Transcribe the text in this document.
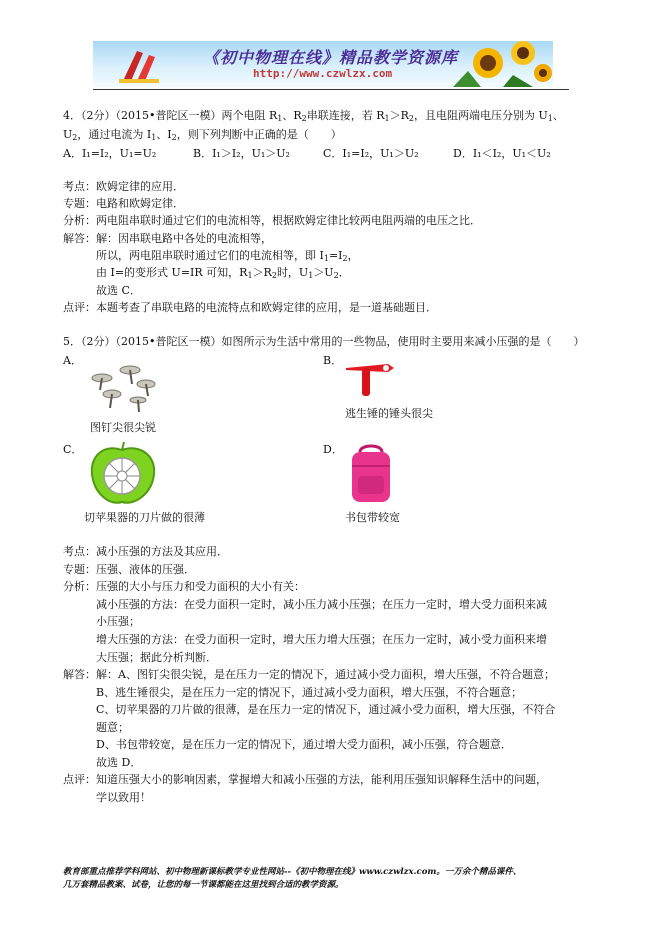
《初中物理在线》精品教学资源库
http://www.czwlzx.com
4．（2分）（2015•普陀区一模）两个电阻 $R_1$、$R_2$串联连接，若 $R_1>R_2$，且电阻两端电压分别为 $U_1$、
$U_2$，通过电流为 $I_1$、$I_2$，则下列判断中正确的是（　　）
A．I₁=I₂，U₁=U₂	B．I₁＞I₂，U₁＞U₂	C．I₁=I₂，U₁＞U₂	D．I₁＜I₂，U₁＜U₂
考点： 欧姆定律的应用．
专题： 电路和欧姆定律．
分析： 两电阻串联时通过它们的电流相等，根据欧姆定律比较两电阻两端的电压之比．
解答： 解：因串联电路中各处的电流相等，
所以，两电阻串联时通过它们的电流相等，即 $I_1=I_2$，
由 I=的变形式 U=IR 可知，$R_1>R_2$时，$U_1>U_2$．
故选 C．
点评： 本题考查了串联电路的电流特点和欧姆定律的应用，是一道基础题目．
5．（2分）（2015•普陀区一模）如图所示为生活中常用的一些物品，使用时主要用来减小压强的是（　　）
A．
图钉尖很尖锐
B．
逃生锤的锤头很尖
C．
切苹果器的刀片做的很薄
D．
书包带较宽
考点： 减小压强的方法及其应用．
专题： 压强、液体的压强．
分析： 压强的大小与压力和受力面积的大小有关：
减小压强的方法：在受力面积一定时，减小压力减小压强；在压力一定时，增大受力面积来减
小压强；
增大压强的方法：在受力面积一定时，增大压力增大压强；在压力一定时，减小受力面积来增
大压强；据此分析判断．
解答： 解：A、图钉尖很尖锐，是在压力一定的情况下，通过减小受力面积，增大压强，不符合题意；
B、逃生锤很尖，是在压力一定的情况下，通过减小受力面积，增大压强，不符合题意；
C、切苹果器的刀片做的很薄，是在压力一定的情况下，通过减小受力面积，增大压强，不符合
题意；
D、书包带较宽，是在压力一定的情况下，通过增大受力面积，减小压强，符合题意．
故选 D．
点评： 知道压强大小的影响因素，掌握增大和减小压强的方法，能利用压强知识解释生活中的问题，
学以致用！
教育部重点推荐学科网站、初中物理新课标教学专业性网站--《初中物理在线》www.czwlzx.com。一万余个精品课件、
几万套精品教案、试卷，让您的每一节课都能在这里找到合适的教学资源。
